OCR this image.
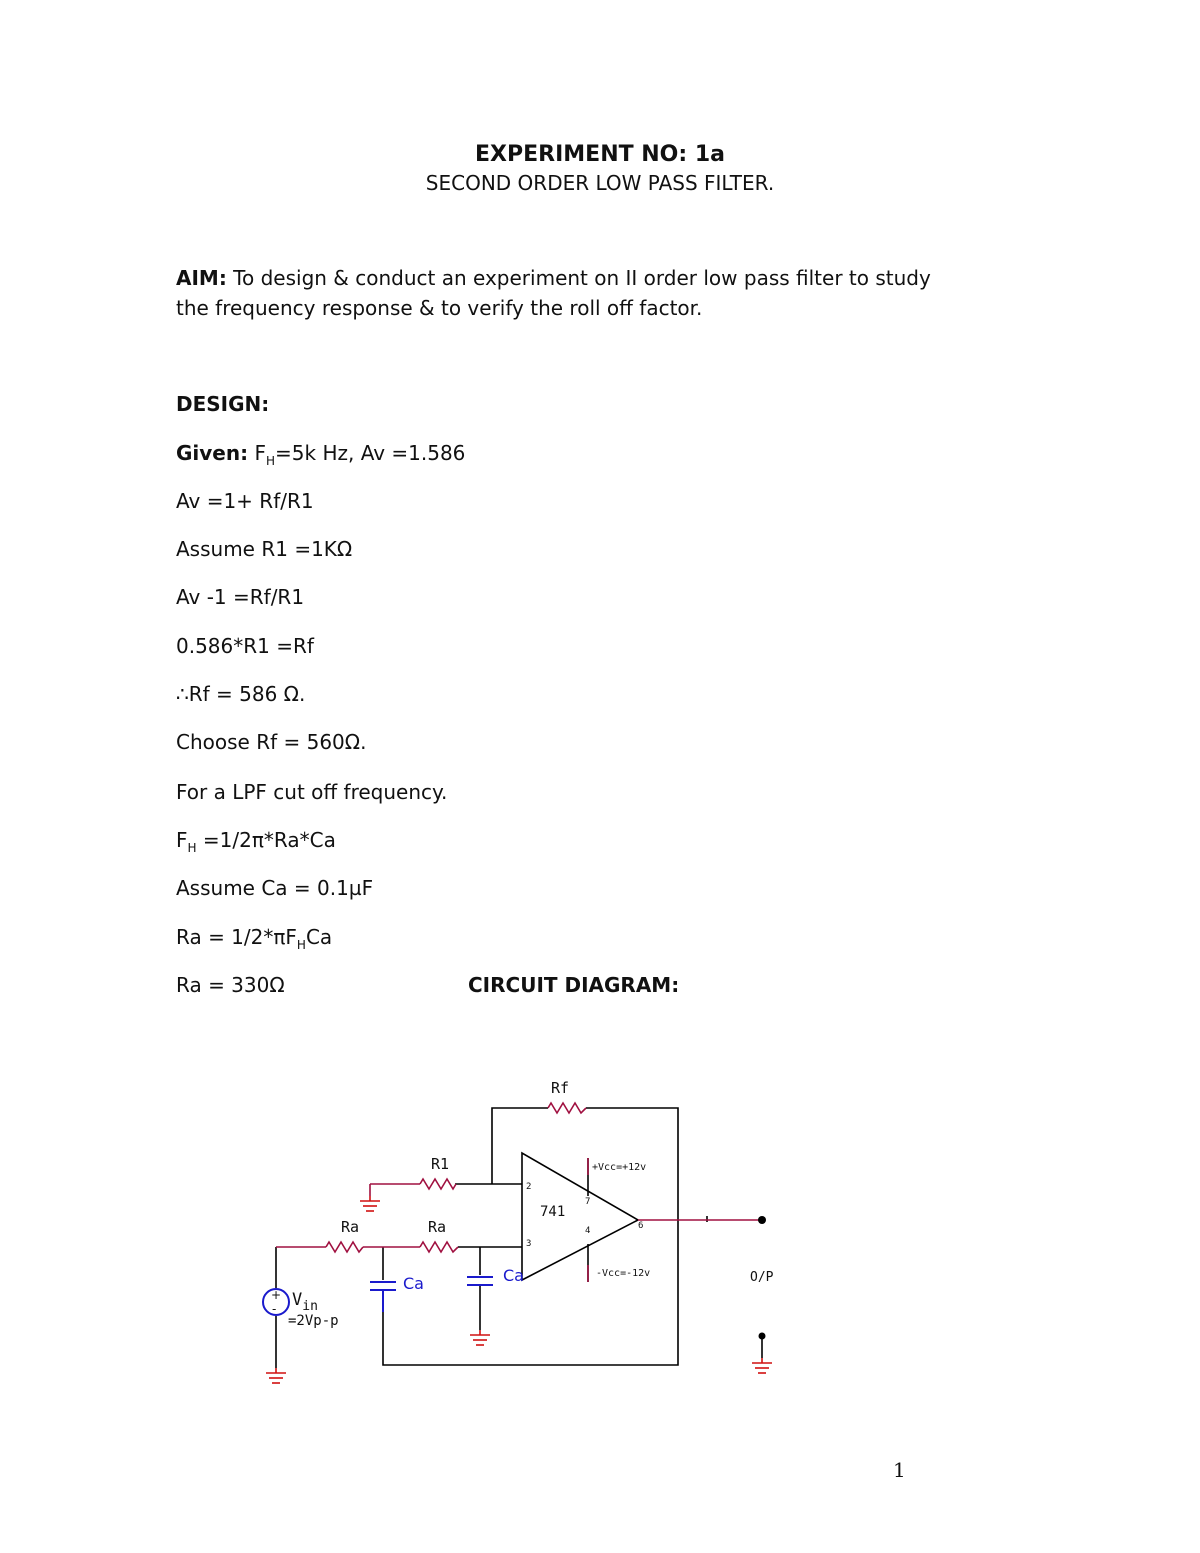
EXPERIMENT NO: 1a
SECOND ORDER LOW PASS FILTER.
AIM: To design & conduct an experiment on II order low pass filter to study
the frequency response & to verify the roll off factor.
DESIGN:
Given: $F_H=5k$ Hz, Av =1.586
Av =1+ Rf/R1
Assume R1 =1KΩ
Av -1 =Rf/R1
0.586*R1 =Rf
∴Rf = 586 Ω.
Choose Rf = 560Ω.
For a LPF cut off frequency.
$F_H =1/2\pi*Ra*Ca$
Assume Ca = 0.1µF
$Ra = 1/2*\pi F_HCa$
Ra = 330Ω	CIRCUIT DIAGRAM:
Rf
R1
Ra	Ra
741
+Vcc=+12v
-Vcc=-12v
2
3
7
4	6
$V_{in}$
=2Vp-p
O/P
Ca	Ca
+
-
1
